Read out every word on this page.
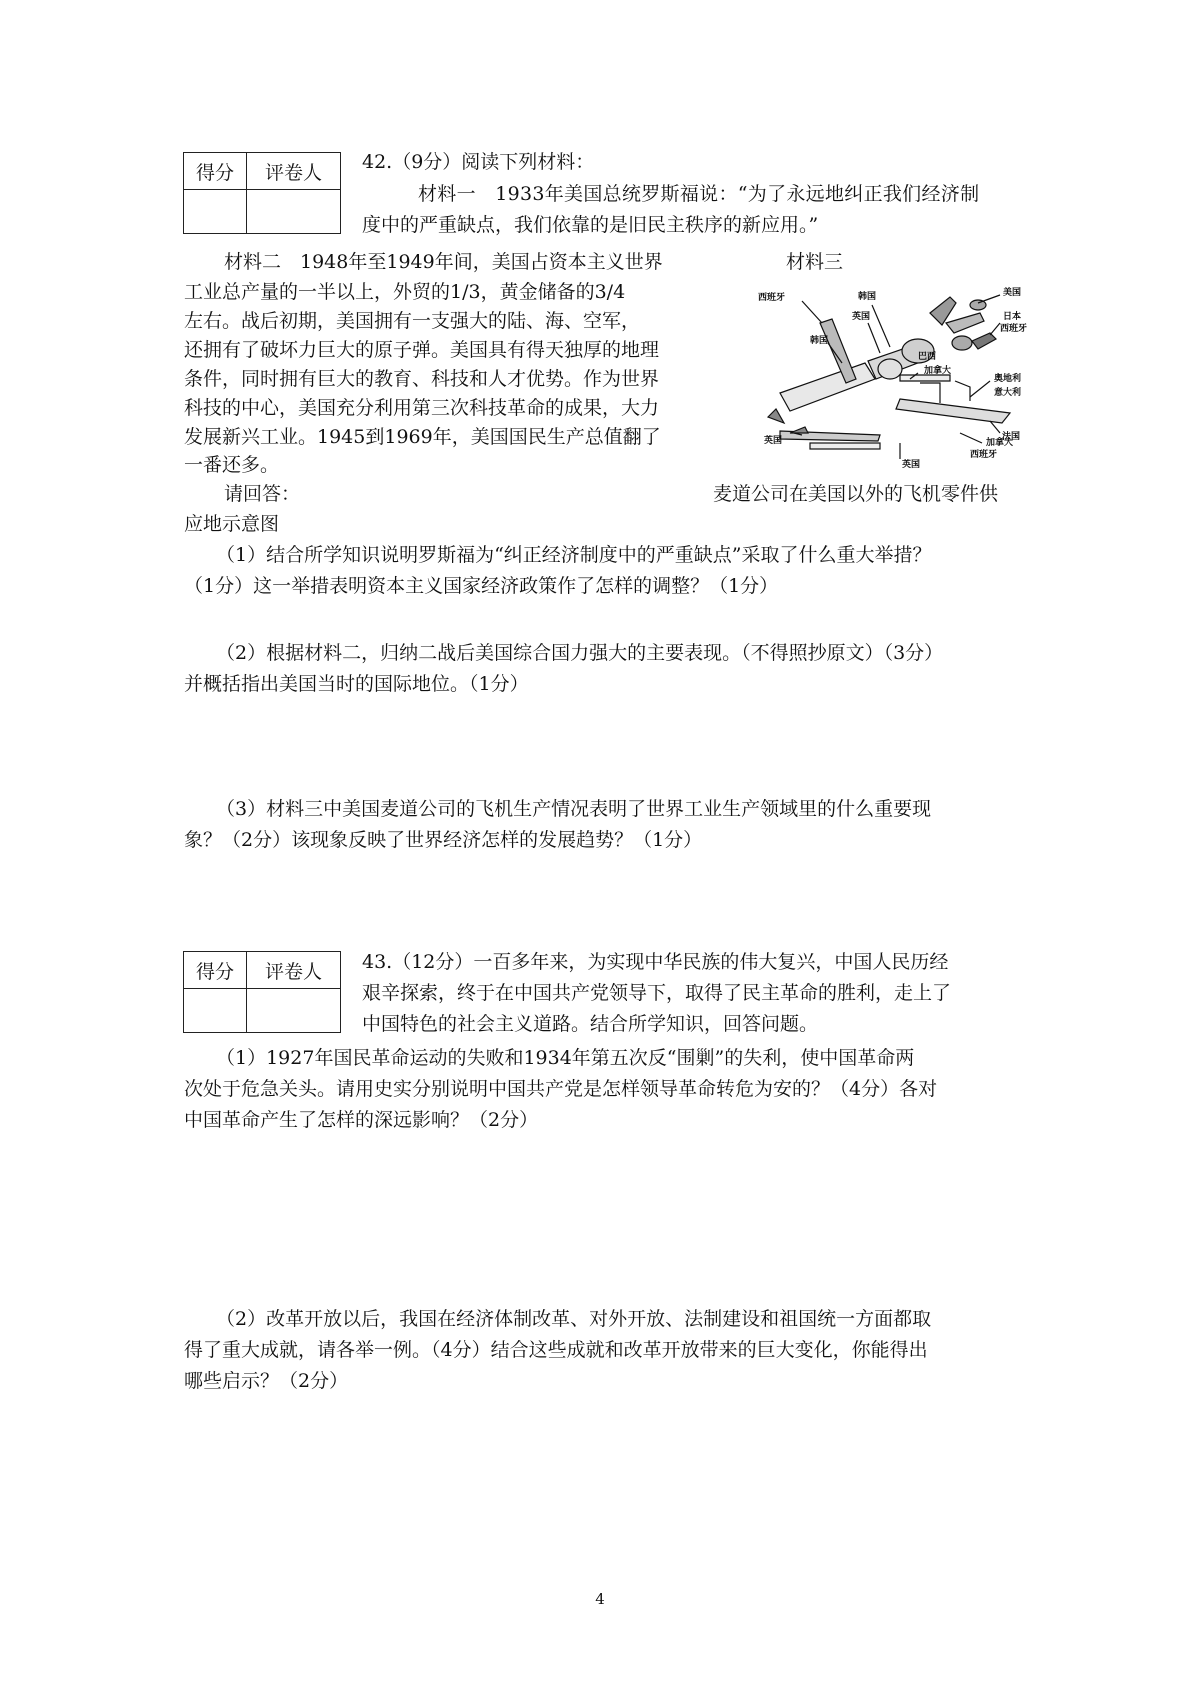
得分	评卷人
	42.（9分）阅读下列材料：
材料一　1933年美国总统罗斯福说：“为了永远地纠正我们经济制
度中的严重缺点，我们依靠的是旧民主秩序的新应用。”
材料二　1948年至1949年间，美国占资本主义世界
工业总产量的一半以上，外贸的1/3，黄金储备的3/4
左右。战后初期，美国拥有一支强大的陆、海、空军，
还拥有了破坏力巨大的原子弹。美国具有得天独厚的地理
条件，同时拥有巨大的教育、科技和人才优势。作为世界
科技的中心，美国充分利用第三次科技革命的成果，大力
发展新兴工业。1945到1969年，美国国民生产总值翻了
一番还多。
材料三
西班牙	韩国
英国
美国
日本
西班牙
韩国
巴西
加拿大
奥地利
意大利
英国	法国
加拿大
西班牙
英国
请回答：	麦道公司在美国以外的飞机零件供
应地示意图
（1）结合所学知识说明罗斯福为“纠正经济制度中的严重缺点”采取了什么重大举措？
（1分）这一举措表明资本主义国家经济政策作了怎样的调整？（1分）
（2）根据材料二，归纳二战后美国综合国力强大的主要表现。（不得照抄原文）（3分）
并概括指出美国当时的国际地位。（1分）
（3）材料三中美国麦道公司的飞机生产情况表明了世界工业生产领域里的什么重要现
象？（2分）该现象反映了世界经济怎样的发展趋势？（1分）
得分	评卷人
	43.（12分）一百多年来，为实现中华民族的伟大复兴，中国人民历经
艰辛探索，终于在中国共产党领导下，取得了民主革命的胜利，走上了
中国特色的社会主义道路。结合所学知识，回答问题。
（1）1927年国民革命运动的失败和1934年第五次反“围剿”的失利，使中国革命两
次处于危急关头。请用史实分别说明中国共产党是怎样领导革命转危为安的？（4分）各对
中国革命产生了怎样的深远影响？（2分）
（2）改革开放以后，我国在经济体制改革、对外开放、法制建设和祖国统一方面都取
得了重大成就，请各举一例。（4分）结合这些成就和改革开放带来的巨大变化，你能得出
哪些启示？（2分）
4
